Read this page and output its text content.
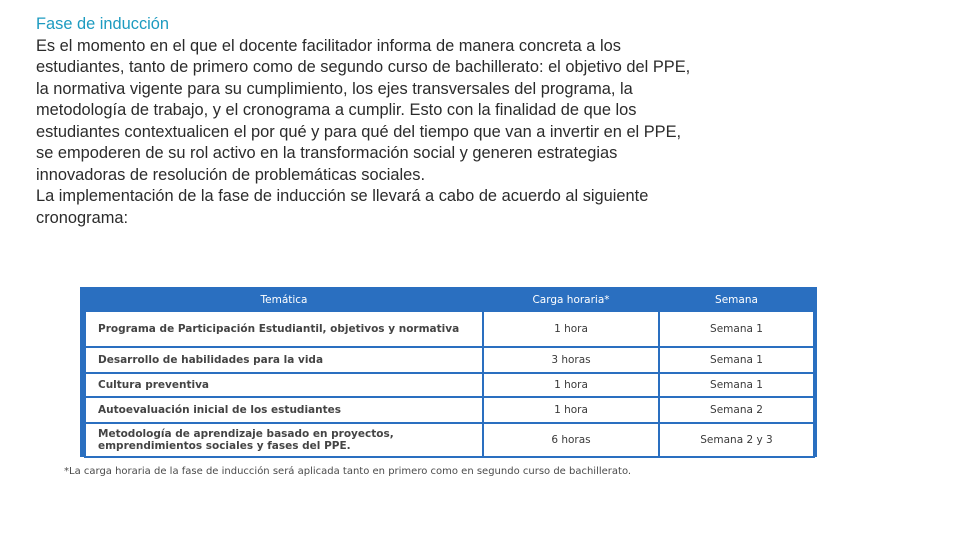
Fase de inducción

Es el momento en el que el docente facilitador informa de manera concreta a los estudiantes, tanto de primero como de segundo curso de bachillerato: el objetivo del PPE, la normativa vigente para su cumplimiento, los ejes transversales del programa, la metodología de trabajo, y el cronograma a cumplir. Esto con la finalidad de que los estudiantes contextualicen el por qué y para qué del tiempo que van a invertir en el PPE, se empoderen de su rol activo en la transformación social y generen estrategias innovadoras de resolución de problemáticas sociales.

La implementación de la fase de inducción se llevará a cabo de acuerdo al siguiente cronograma:

Temática	Carga horaria*	Semana
Programa de Participación Estudiantil, objetivos y normativa	1 hora	Semana 1
Desarrollo de habilidades para la vida	3 horas	Semana 1
Cultura preventiva	1 hora	Semana 1
Autoevaluación inicial de los estudiantes	1 hora	Semana 2
Metodología de aprendizaje basado en proyectos, emprendimientos sociales y fases del PPE.	6 horas	Semana 2 y 3
*La carga horaria de la fase de inducción será aplicada tanto en primero como en segundo curso de bachillerato.
